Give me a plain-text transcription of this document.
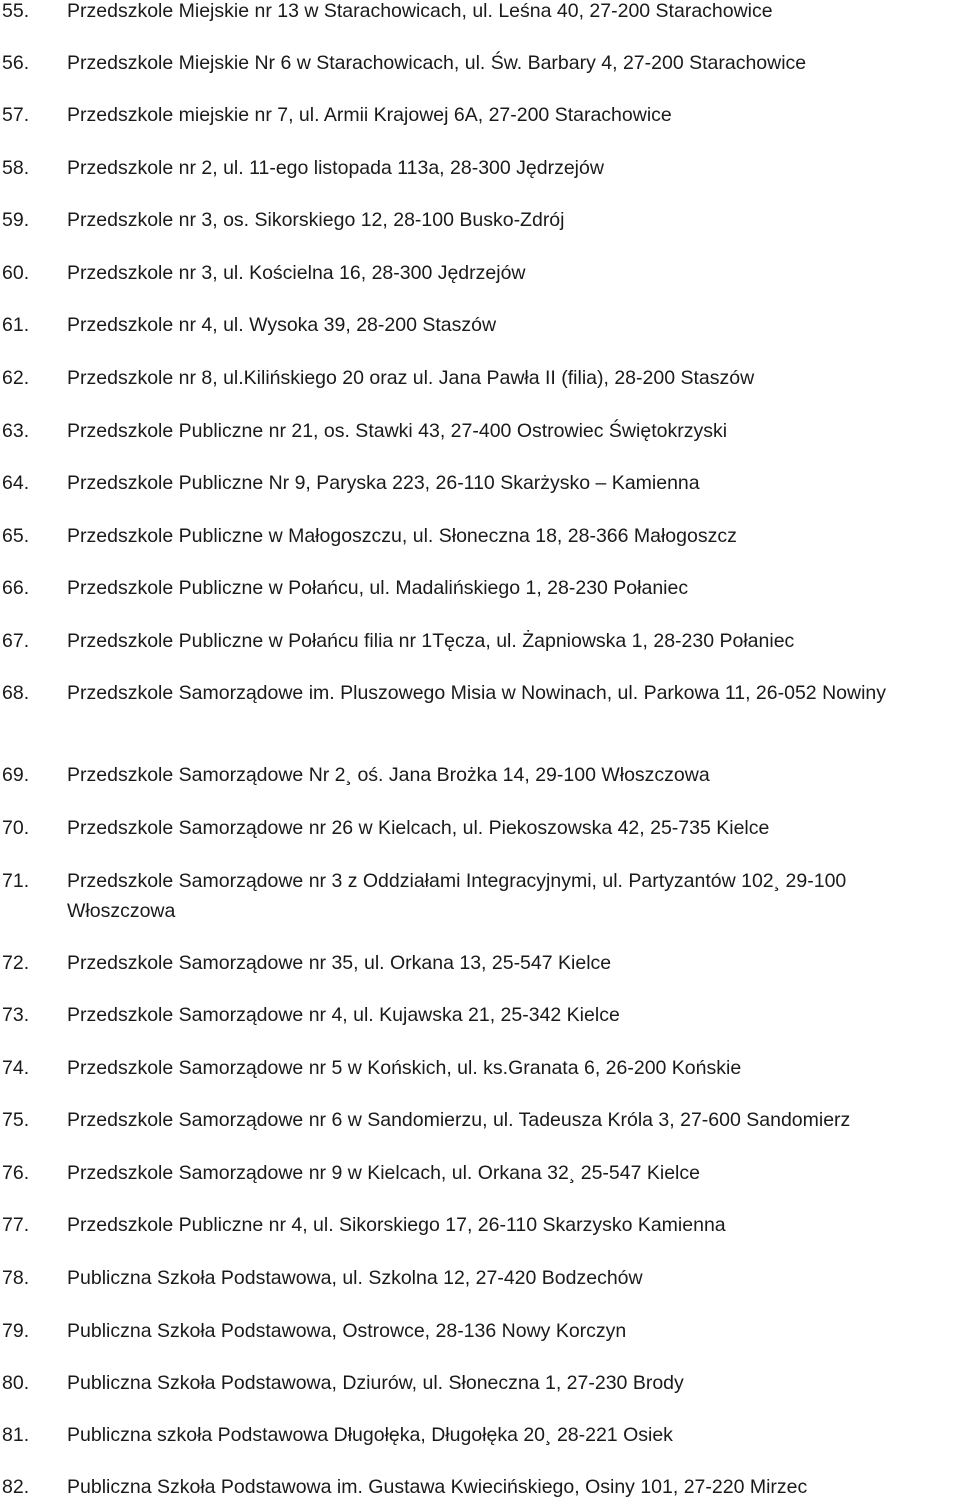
55.	Przedszkole Miejskie nr 13 w Starachowicach, ul. Leśna 40, 27-200 Starachowice
56.	Przedszkole Miejskie Nr 6 w Starachowicach, ul. Św. Barbary 4, 27-200 Starachowice
57.	Przedszkole miejskie nr 7, ul. Armii Krajowej 6A, 27-200 Starachowice
58.	Przedszkole nr 2, ul. 11-ego listopada 113a, 28-300 Jędrzejów
59.	Przedszkole nr 3, os. Sikorskiego 12, 28-100 Busko-Zdrój
60.	Przedszkole nr 3, ul. Kościelna 16, 28-300 Jędrzejów
61.	Przedszkole nr 4, ul. Wysoka 39, 28-200 Staszów
62.	Przedszkole nr 8, ul.Kilińskiego 20 oraz ul. Jana Pawła II (filia), 28-200 Staszów
63.	Przedszkole Publiczne nr 21, os. Stawki 43, 27-400 Ostrowiec Świętokrzyski
64.	Przedszkole Publiczne Nr 9, Paryska 223, 26-110 Skarżysko – Kamienna
65.	Przedszkole Publiczne w Małogoszczu, ul. Słoneczna 18, 28-366 Małogoszcz
66.	Przedszkole Publiczne w Połańcu, ul. Madalińskiego 1, 28-230 Połaniec
67.	Przedszkole Publiczne w Połańcu filia nr 1Tęcza, ul. Żapniowska 1, 28-230 Połaniec
68.	Przedszkole Samorządowe im. Pluszowego Misia w Nowinach, ul. Parkowa 11, 26-052 Nowiny
69.	Przedszkole Samorządowe Nr 2¸ oś. Jana Brożka 14, 29-100 Włoszczowa
70.	Przedszkole Samorządowe nr 26 w Kielcach, ul. Piekoszowska 42, 25-735 Kielce
71.	Przedszkole Samorządowe nr 3 z Oddziałami Integracyjnymi, ul. Partyzantów 102¸ 29-100 Włoszczowa
72.	Przedszkole Samorządowe nr 35, ul. Orkana 13, 25-547 Kielce
73.	Przedszkole Samorządowe nr 4, ul. Kujawska 21, 25-342 Kielce
74.	Przedszkole Samorządowe nr 5 w Końskich, ul. ks.Granata 6, 26-200 Końskie
75.	Przedszkole Samorządowe nr 6 w Sandomierzu, ul. Tadeusza Króla 3, 27-600 Sandomierz
76.	Przedszkole Samorządowe nr 9 w Kielcach, ul. Orkana 32¸ 25-547 Kielce
77.	Przedszkole Publiczne nr 4, ul. Sikorskiego 17, 26-110 Skarzysko Kamienna
78.	Publiczna Szkoła Podstawowa, ul. Szkolna 12, 27-420 Bodzechów
79.	Publiczna Szkoła Podstawowa, Ostrowce, 28-136 Nowy Korczyn
80.	Publiczna Szkoła Podstawowa, Dziurów, ul. Słoneczna 1, 27-230 Brody
81.	Publiczna szkoła Podstawowa Długołęka, Długołęka 20¸ 28-221 Osiek
82.	Publiczna Szkoła Podstawowa im. Gustawa Kwiecińskiego, Osiny 101, 27-220 Mirzec
